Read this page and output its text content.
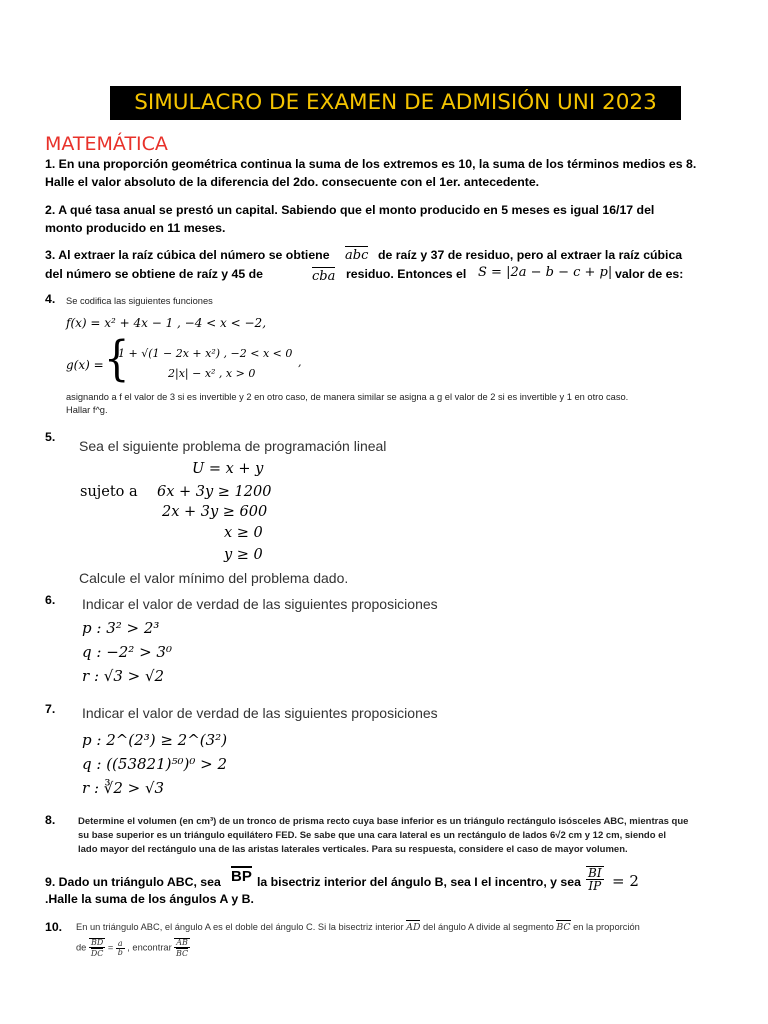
SIMULACRO DE EXAMEN DE ADMISIÓN UNI 2023
MATEMÁTICA
1. En una proporción geométrica continua la suma de los extremos es 10, la suma de los términos medios es 8.
Halle el valor absoluto de la diferencia del 2do. consecuente con el 1er. antecedente.
2. A qué tasa anual se prestó un capital. Sabiendo que el monto producido en 5 meses es igual 16/17 del
monto producido en 11 meses.
3. Al extraer la raíz cúbica del número se obtiene abc de raíz y 37 de residuo, pero al extraer la raíz cúbica
del número se obtiene de raíz y 45 de	cba residuo. Entonces el S = |2a − b − c + p| valor de es:
4. Se codifica las siguientes funciones
f(x) = x² + 4x − 1 , −4 < x < −2,
g(x) = {
1 + √(1 − 2x + x²) , −2 < x < 0
2|x| − x² , x > 0
,
asignando a f el valor de 3 si es invertible y 2 en otro caso, de manera similar se asigna a g el valor de 2 si es invertible y 1 en otro caso.
Hallar f^g.
5.
Sea el siguiente problema de programación lineal
U = x + y
sujeto a 6x + 3y ≥ 1200
2x + 3y ≥ 600
x ≥ 0
y ≥ 0
Calcule el valor mínimo del problema dado.
6. Indicar el valor de verdad de las siguientes proposiciones
p : 3² > 2³
q : −2² > 3⁰
r : √3 > √2
7. Indicar el valor de verdad de las siguientes proposiciones
p : 2^(2³) ≥ 2^(3²)
q : ((53821)⁵⁰)⁰ > 2
r : ∛2 > √3
8. Determine el volumen (en cm³) de un tronco de prisma recto cuya base inferior es un triángulo rectángulo isósceles ABC, mientras que
su base superior es un triángulo equilátero FED. Se sabe que una cara lateral es un rectángulo de lados 6√2 cm y 12 cm, siendo el
lado mayor del rectángulo una de las aristas laterales verticales. Para su respuesta, considere el caso de mayor volumen.
9. Dado un triángulo ABC, sea BP la bisectriz interior del ángulo B, sea I el incentro, y sea $\frac{BI}{IP} = 2$
.Halle la suma de los ángulos A y B.
10. En un triángulo ABC, el ángulo A es el doble del ángulo C. Si la bisectriz interior AD del ángulo A divide al segmento BC en la proporción
de $\frac{BD}{DC} = \frac{a}{b}$ , encontrar $\frac{AB}{BC}$
